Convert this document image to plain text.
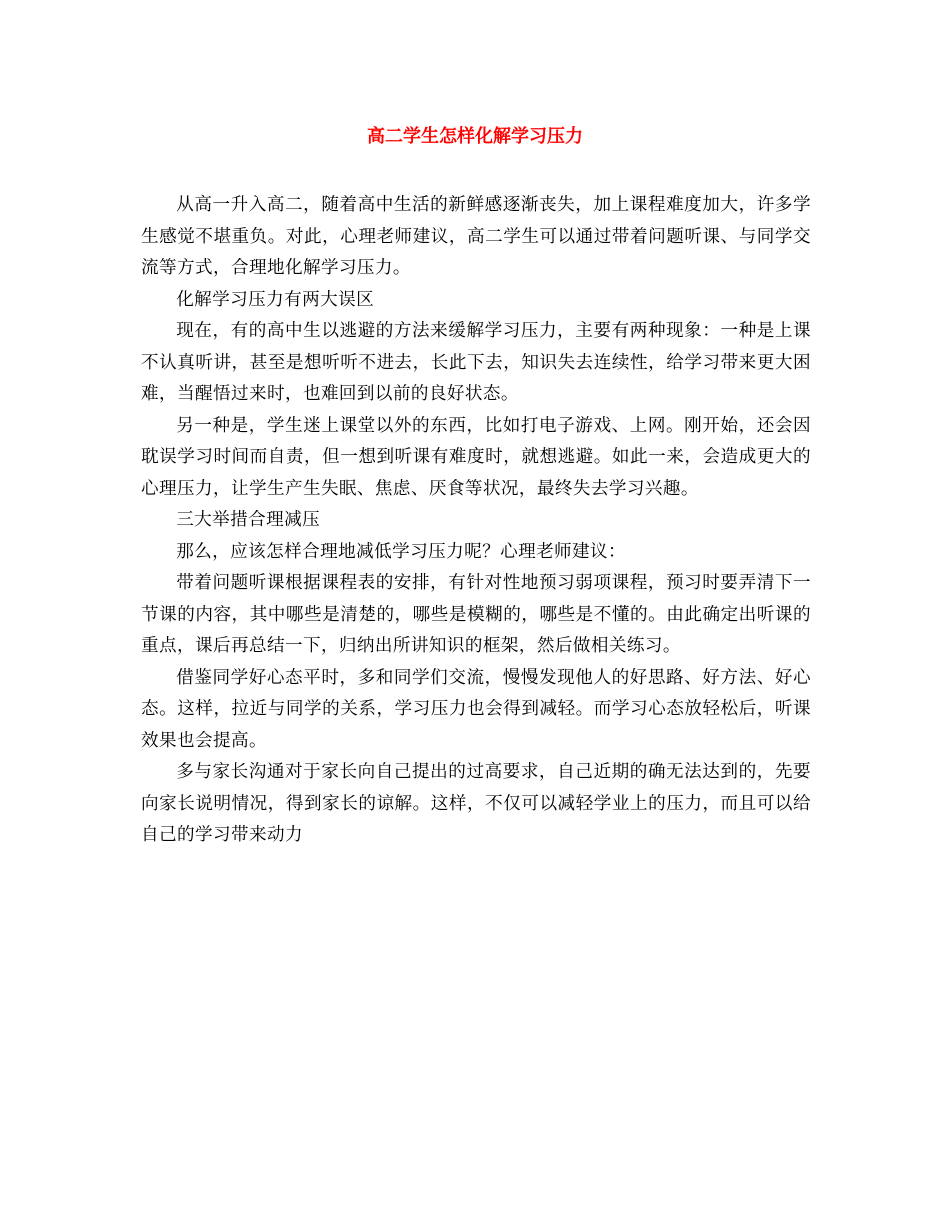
高二学生怎样化解学习压力

从高一升入高二，随着高中生活的新鲜感逐渐丧失，加上课程难度加大，许多学生感觉不堪重负。对此，心理老师建议，高二学生可以通过带着问题听课、与同学交流等方式，合理地化解学习压力。

化解学习压力有两大误区

现在，有的高中生以逃避的方法来缓解学习压力，主要有两种现象：一种是上课不认真听讲，甚至是想听听不进去，长此下去，知识失去连续性，给学习带来更大困难，当醒悟过来时，也难回到以前的良好状态。

另一种是，学生迷上课堂以外的东西，比如打电子游戏、上网。刚开始，还会因耽误学习时间而自责，但一想到听课有难度时，就想逃避。如此一来，会造成更大的心理压力，让学生产生失眠、焦虑、厌食等状况，最终失去学习兴趣。

三大举措合理减压

那么，应该怎样合理地减低学习压力呢？心理老师建议：

带着问题听课根据课程表的安排，有针对性地预习弱项课程，预习时要弄清下一节课的内容，其中哪些是清楚的，哪些是模糊的，哪些是不懂的。由此确定出听课的重点，课后再总结一下，归纳出所讲知识的框架，然后做相关练习。

借鉴同学好心态平时，多和同学们交流，慢慢发现他人的好思路、好方法、好心态。这样，拉近与同学的关系，学习压力也会得到减轻。而学习心态放轻松后，听课效果也会提高。

多与家长沟通对于家长向自己提出的过高要求，自己近期的确无法达到的，先要向家长说明情况，得到家长的谅解。这样，不仅可以减轻学业上的压力，而且可以给自己的学习带来动力
